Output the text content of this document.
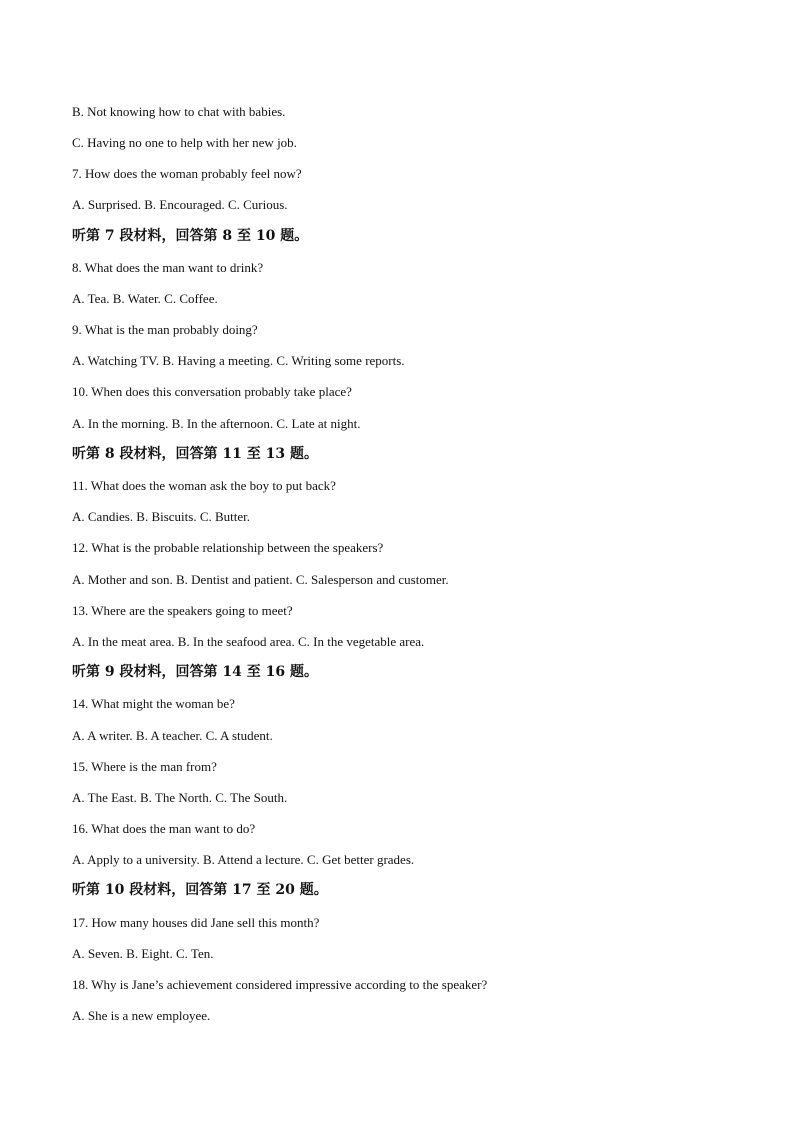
B. Not knowing how to chat with babies.
C. Having no one to help with her new job.
7. How does the woman probably feel now?
A. Surprised. B. Encouraged. C. Curious.
听第 7 段材料，回答第 8 至 10 题。
8. What does the man want to drink?
A. Tea. B. Water. C. Coffee.
9. What is the man probably doing?
A. Watching TV. B. Having a meeting. C. Writing some reports.
10. When does this conversation probably take place?
A. In the morning. B. In the afternoon. C. Late at night.
听第 8 段材料，回答第 11 至 13 题。
11. What does the woman ask the boy to put back?
A. Candies. B. Biscuits. C. Butter.
12. What is the probable relationship between the speakers?
A. Mother and son. B. Dentist and patient. C. Salesperson and customer.
13. Where are the speakers going to meet?
A. In the meat area. B. In the seafood area. C. In the vegetable area.
听第 9 段材料，回答第 14 至 16 题。
14. What might the woman be?
A. A writer. B. A teacher. C. A student.
15. Where is the man from?
A. The East. B. The North. C. The South.
16. What does the man want to do?
A. Apply to a university. B. Attend a lecture. C. Get better grades.
听第 10 段材料，回答第 17 至 20 题。
17. How many houses did Jane sell this month?
A. Seven. B. Eight. C. Ten.
18. Why is Jane’s achievement considered impressive according to the speaker?
A. She is a new employee.
